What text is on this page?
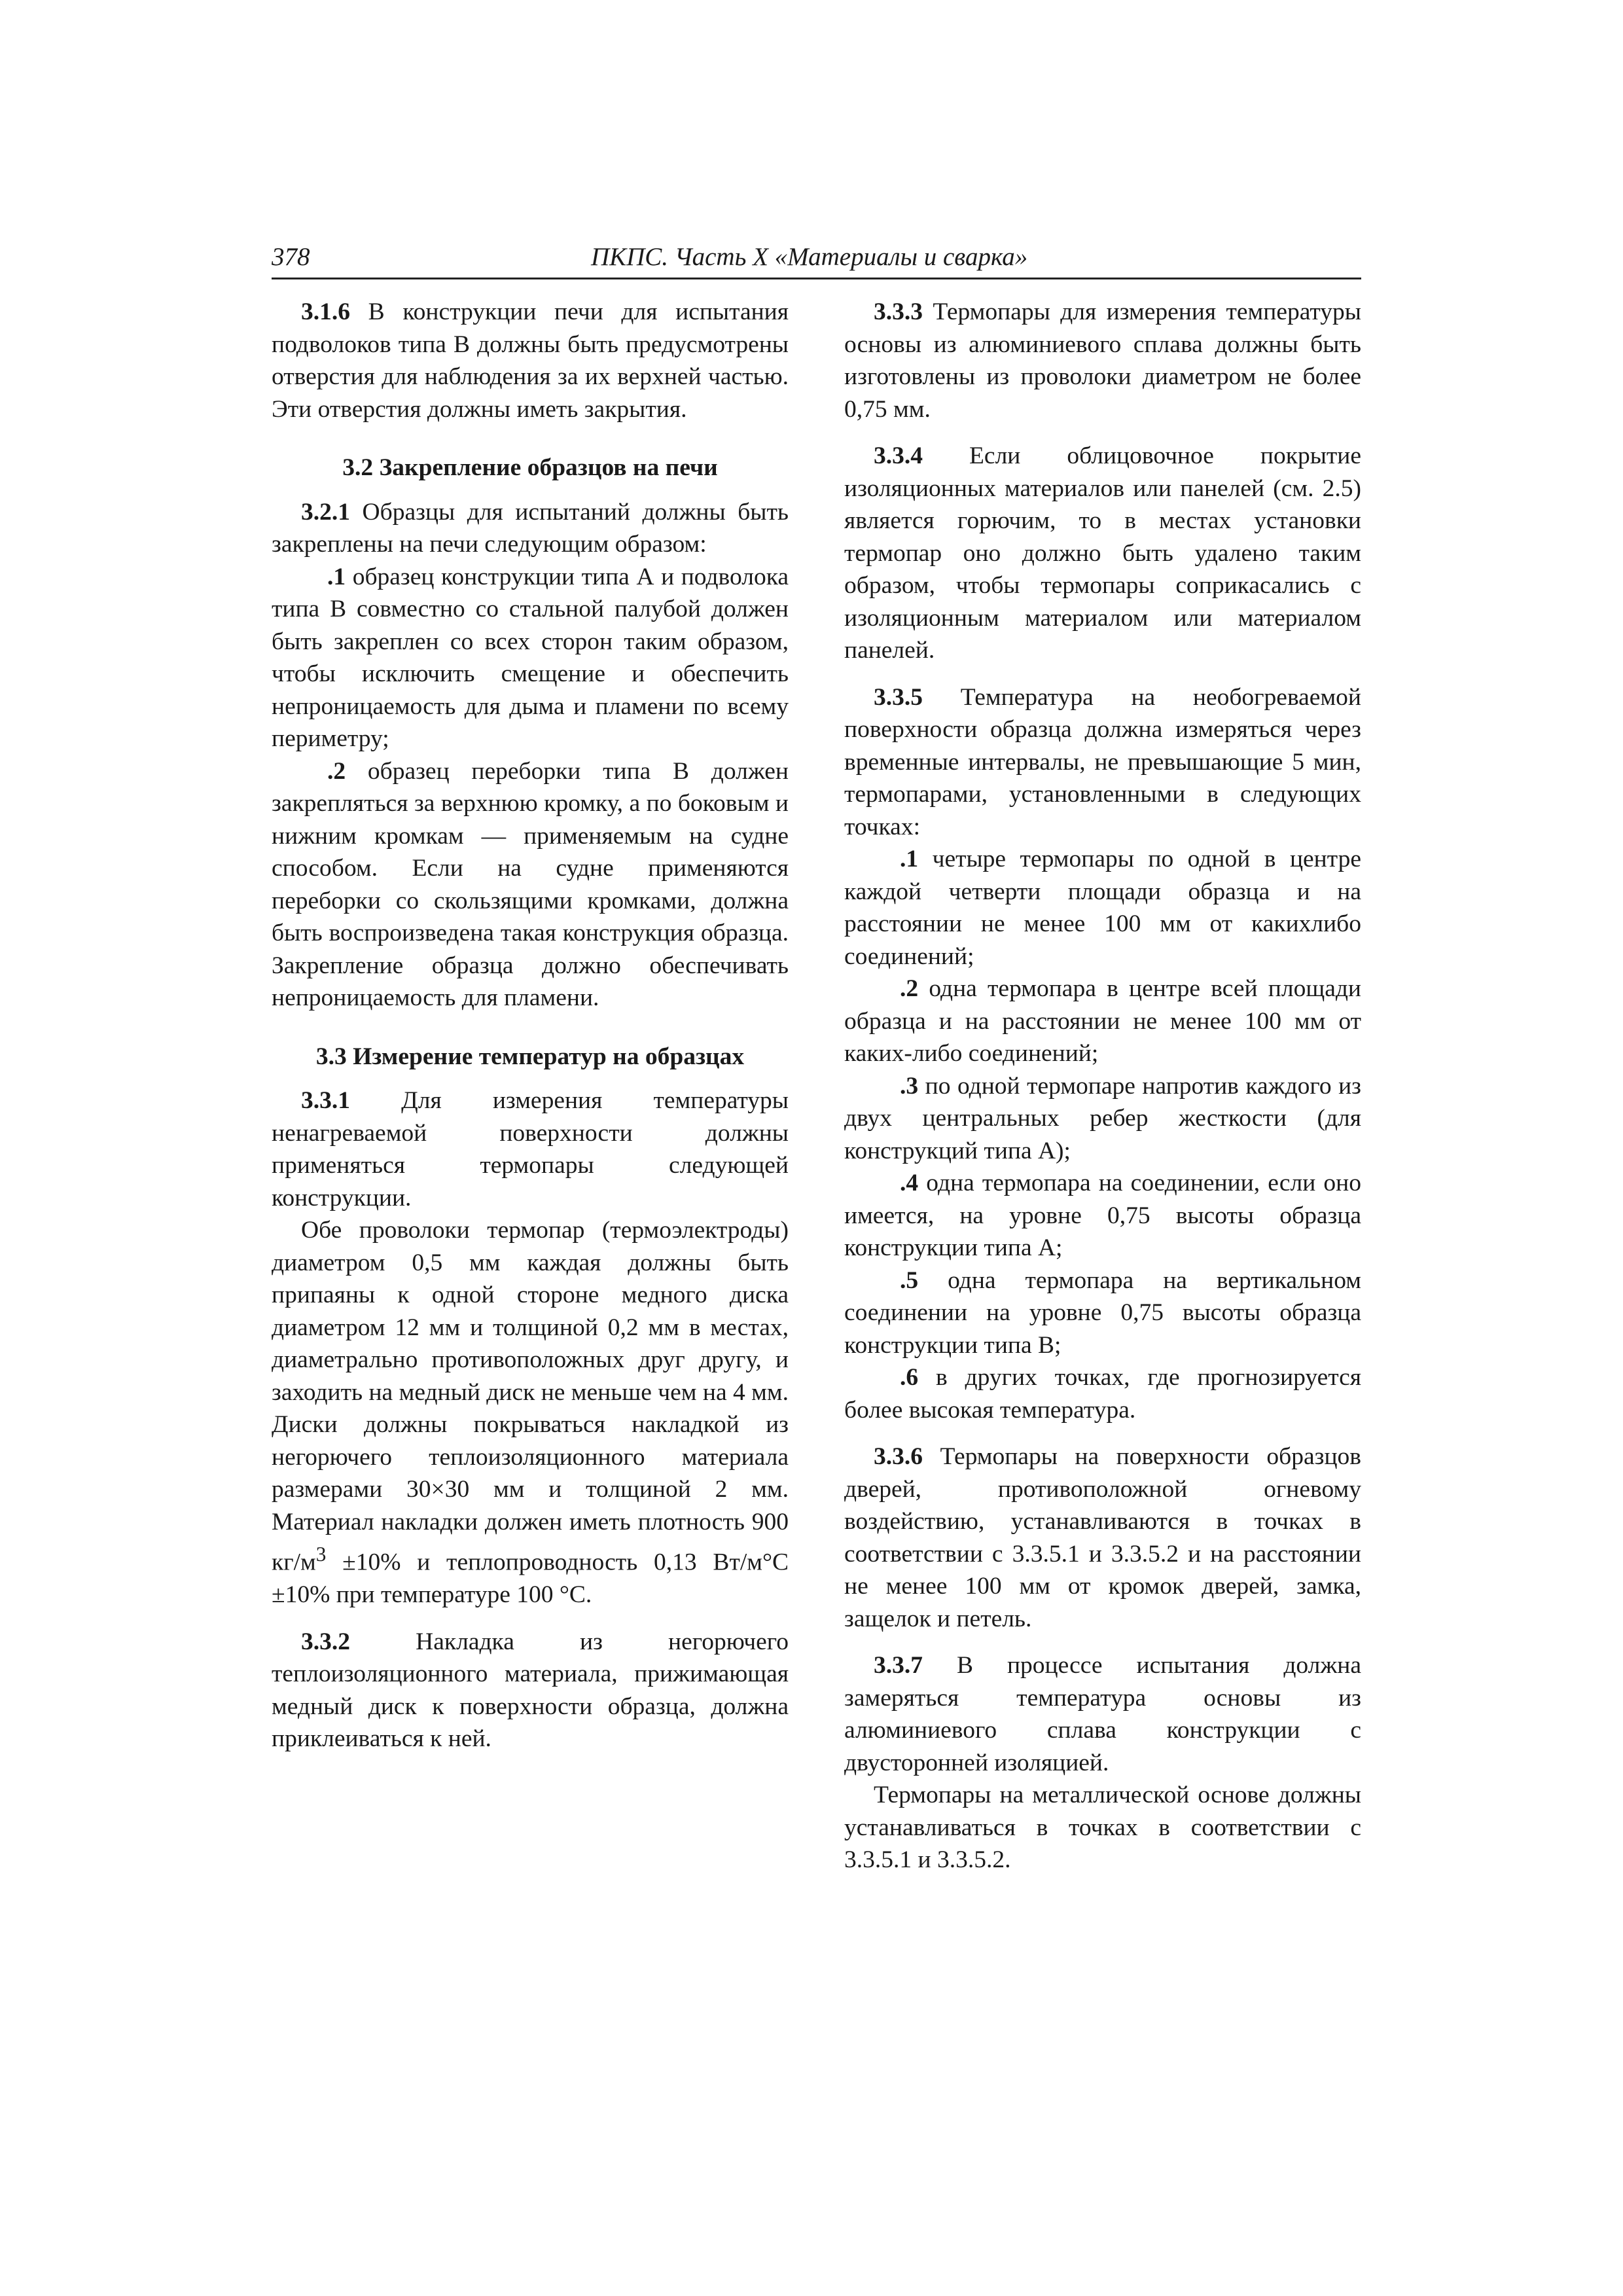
378	ПКПС. Часть X «Материалы и сварка»

3.1.6 В конструкции печи для испытания подволоков типа В должны быть предусмотрены отверстия для наблюдения за их верхней частью. Эти отверстия должны иметь закрытия.

3.2 Закрепление образцов на печи

3.2.1 Образцы для испытаний должны быть закреплены на печи следующим образом:

.1 образец конструкции типа А и подволока типа В совместно со стальной палубой должен быть закреплен со всех сторон таким образом, чтобы исключить смещение и обеспечить непроницаемость для дыма и пламени по всему периметру;

.2 образец переборки типа В должен закрепляться за верхнюю кромку, а по боковым и нижним кромкам — применяемым на судне способом. Если на судне применяются переборки со скользящими кромками, должна быть воспроизведена такая конструкция образца. Закрепление образца должно обеспечивать непроницаемость для пламени.

3.3 Измерение температур на образцах

3.3.1 Для измерения температуры ненагреваемой поверхности должны применяться термопары следующей конструкции.

Обе проволоки термопар (термоэлектроды) диаметром 0,5 мм каждая должны быть припаяны к одной стороне медного диска диаметром 12 мм и толщиной 0,2 мм в местах, диаметрально противоположных друг другу, и заходить на медный диск не меньше чем на 4 мм. Диски должны покрываться накладкой из негорючего теплоизоляционного материала размерами 30×30 мм и толщиной 2 мм. Материал накладки должен иметь плотность 900 $кг/м^3 \pm 10\%$ и теплопроводность 0,13 Вт/м°С ±10% при температуре 100 °С.

3.3.2 Накладка из негорючего теплоизоляционного материала, прижимающая медный диск к поверхности образца, должна приклеиваться к ней.

3.3.3 Термопары для измерения температуры основы из алюминиевого сплава должны быть изготовлены из проволоки диаметром не более 0,75 мм.

3.3.4 Если облицовочное покрытие изоляционных материалов или панелей (см. 2.5) является горючим, то в местах установки термопар оно должно быть удалено таким образом, чтобы термопары соприкасались с изоляционным материалом или материалом панелей.

3.3.5 Температура на необогреваемой поверхности образца должна измеряться через временные интервалы, не превышающие 5 мин, термопарами, установленными в следующих точках:

.1 четыре термопары по одной в центре каждой четверти площади образца и на расстоянии не менее 100 мм от какихлибо соединений;

.2 одна термопара в центре всей площади образца и на расстоянии не менее 100 мм от каких-либо соединений;

.3 по одной термопаре напротив каждого из двух центральных ребер жесткости (для конструкций типа А);

.4 одна термопара на соединении, если оно имеется, на уровне 0,75 высоты образца конструкции типа А;

.5 одна термопара на вертикальном соединении на уровне 0,75 высоты образца конструкции типа В;

.6 в других точках, где прогнозируется более высокая температура.

3.3.6 Термопары на поверхности образцов дверей, противоположной огневому воздействию, устанавливаются в точках в соответствии с 3.3.5.1 и 3.3.5.2 и на расстоянии не менее 100 мм от кромок дверей, замка, защелок и петель.

3.3.7 В процессе испытания должна замеряться температура основы из алюминиевого сплава конструкции с двусторонней изоляцией.

Термопары на металлической основе должны устанавливаться в точках в соответствии с 3.3.5.1 и 3.3.5.2.
